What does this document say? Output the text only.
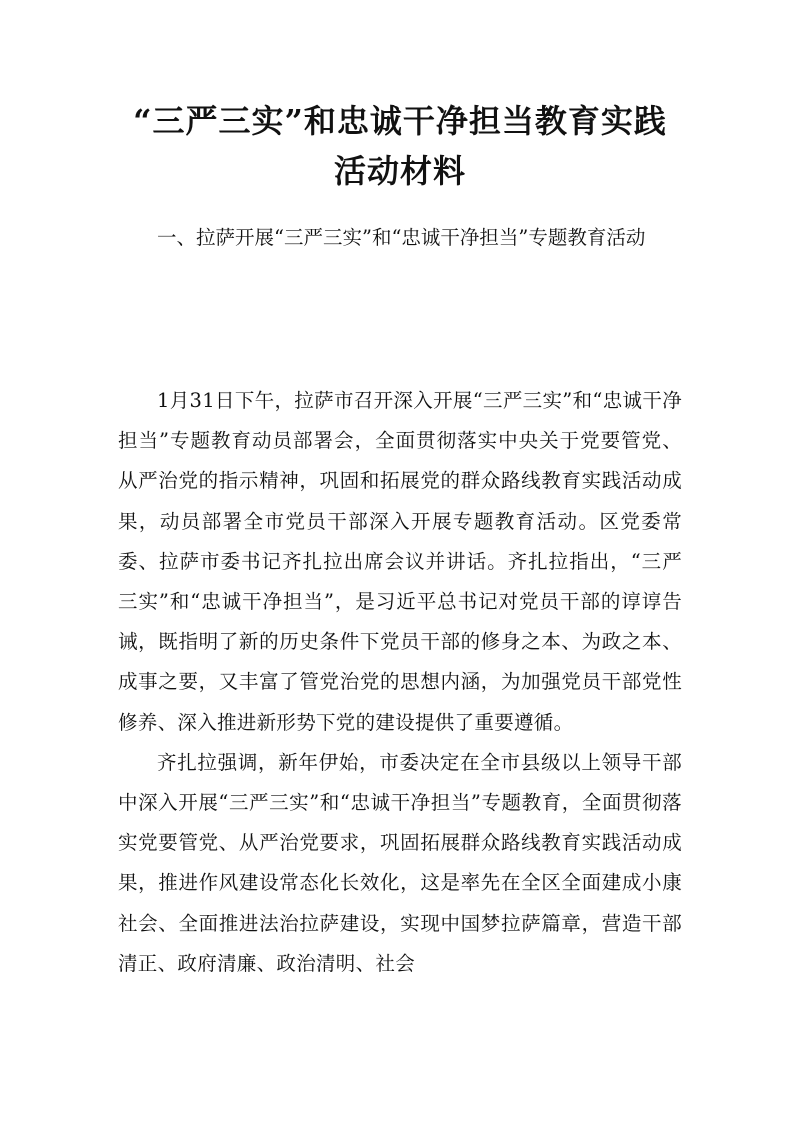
“三严三实”和忠诚干净担当教育实践
活动材料

一、拉萨开展“三严三实”和“忠诚干净担当”专题教育活动

1月31日下午，拉萨市召开深入开展“三严三实”和“忠诚干净担当”专题教育动员部署会，全面贯彻落实中央关于党要管党、从严治党的指示精神，巩固和拓展党的群众路线教育实践活动成果，动员部署全市党员干部深入开展专题教育活动。区党委常委、拉萨市委书记齐扎拉出席会议并讲话。齐扎拉指出，“三严三实”和“忠诚干净担当”，是习近平总书记对党员干部的谆谆告诫，既指明了新的历史条件下党员干部的修身之本、为政之本、成事之要，又丰富了管党治党的思想内涵，为加强党员干部党性修养、深入推进新形势下党的建设提供了重要遵循。

齐扎拉强调，新年伊始，市委决定在全市县级以上领导干部中深入开展“三严三实”和“忠诚干净担当”专题教育，全面贯彻落实党要管党、从严治党要求，巩固拓展群众路线教育实践活动成果，推进作风建设常态化长效化，这是率先在全区全面建成小康社会、全面推进法治拉萨建设，实现中国梦拉萨篇章，营造干部清正、政府清廉、政治清明、社会
